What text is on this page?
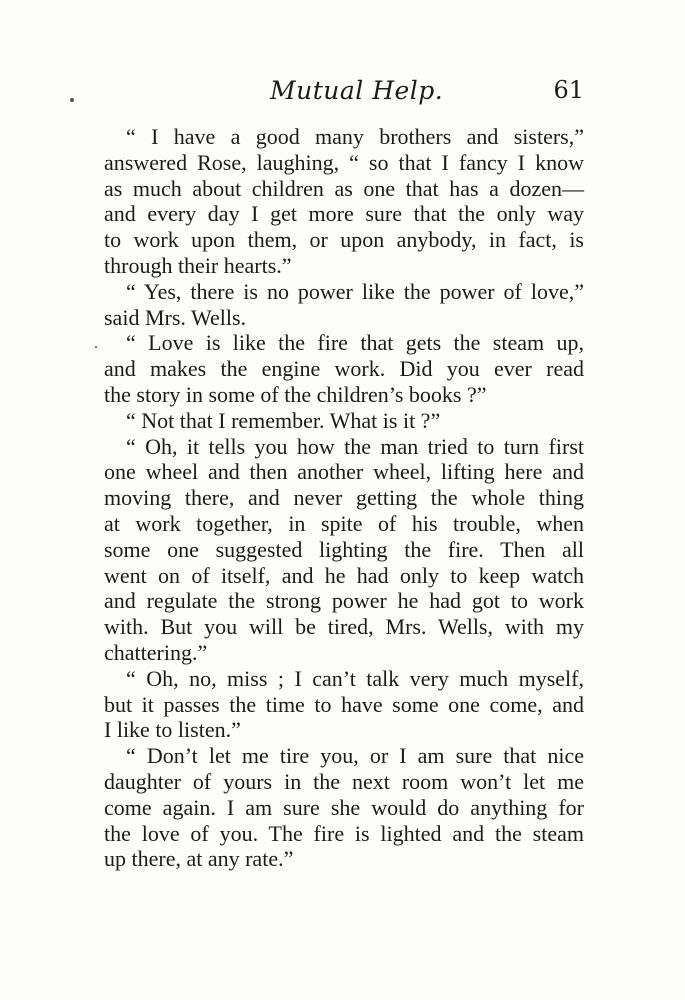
Mutual Help.	61
“ I have a good many brothers and sisters,”
answered Rose, laughing, “ so that I fancy I know
as much about children as one that has a dozen—
and every day I get more sure that the only way
to work upon them, or upon anybody, in fact, is
through their hearts.”
“ Yes, there is no power like the power of love,”
said Mrs. Wells.
“ Love is like the fire that gets the steam up,
and makes the engine work. Did you ever read
the story in some of the children’s books ?”
“ Not that I remember. What is it ?”
“ Oh, it tells you how the man tried to turn first
one wheel and then another wheel, lifting here and
moving there, and never getting the whole thing
at work together, in spite of his trouble, when
some one suggested lighting the fire. Then all
went on of itself, and he had only to keep watch
and regulate the strong power he had got to work
with. But you will be tired, Mrs. Wells, with my
chattering.”
“ Oh, no, miss ; I can’t talk very much myself,
but it passes the time to have some one come, and
I like to listen.”
“ Don’t let me tire you, or I am sure that nice
daughter of yours in the next room won’t let me
come again. I am sure she would do anything for
the love of you. The fire is lighted and the steam
up there, at any rate.”
